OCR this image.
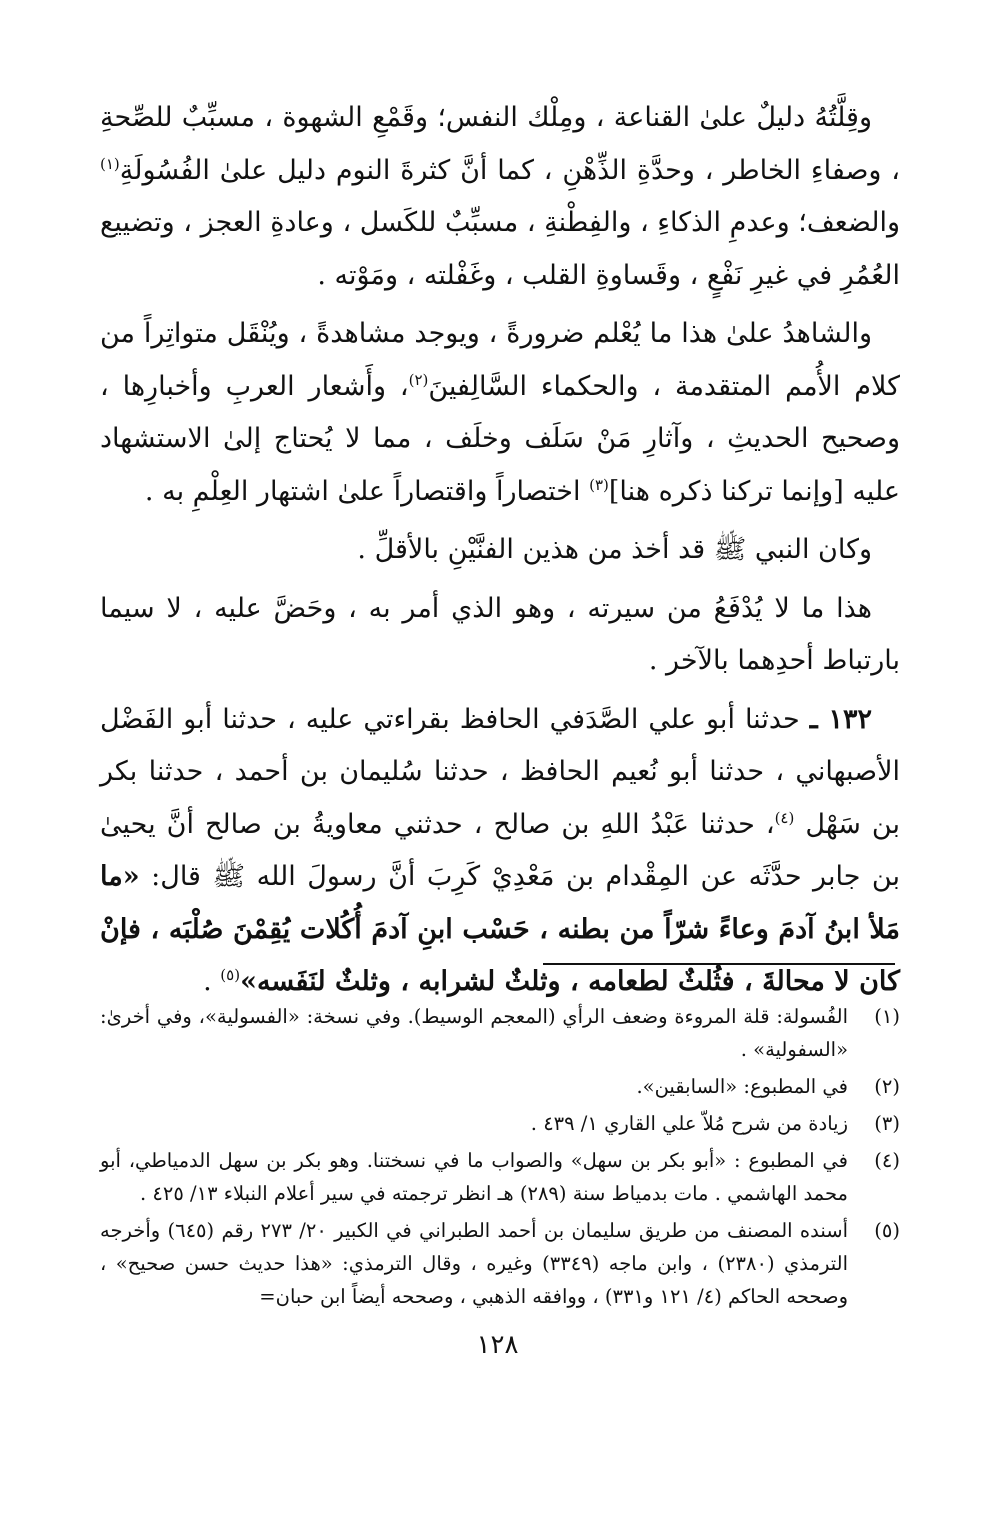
وقِلَّتُهُ دليلٌ علىٰ القناعة ، ومِلْك النفس؛ وقَمْعِ الشهوة ، مسبِّبٌ للصِّحةِ ، وصفاءِ الخاطر ، وحدَّةِ الذِّهْنِ ، كما أنَّ كثرةَ النوم دليل علىٰ الفُسُولَةِ$^{(١)}$ والضعف؛ وعدمِ الذكاءِ ، والفِطْنةِ ، مسبِّبٌ للكَسل ، وعادةِ العجز ، وتضييع العُمُرِ في غيرِ نَفْعٍ ، وقَساوةِ القلب ، وغَفْلته ، ومَوْته .

والشاهدُ علىٰ هذا ما يُعْلم ضرورةً ، ويوجد مشاهدةً ، ويُنْقَل متواتِراً من كلام الأُمم المتقدمة ، والحكماء السَّالِفينَ$^{(٢)}$، وأَشعار العربِ وأخبارِها ، وصحيح الحديثِ ، وآثارِ مَنْ سَلَف وخلَف ، مما لا يُحتاج إلىٰ الاستشهاد عليه [وإنما تركنا ذكره هنا]$^{(٣)}$ اختصاراً واقتصاراً علىٰ اشتهار العِلْمِ به .

وكان النبي ﷺ قد أخذ من هذين الفنَّيْنِ بالأقلِّ .

هذا ما لا يُدْفَعُ من سيرته ، وهو الذي أمر به ، وحَضَّ عليه ، لا سيما بارتباط أحدِهما بالآخر .

١٣٢ ـ حدثنا أبو علي الصَّدَفي الحافظ بقراءتي عليه ، حدثنا أبو الفَضْل الأصبهاني ، حدثنا أبو نُعيم الحافظ ، حدثنا سُليمان بن أحمد ، حدثنا بكر بن سَهْل $^{(٤)}$، حدثنا عَبْدُ اللهِ بن صالح ، حدثني معاويةُ بن صالح أنَّ يحيىٰ بن جابر حدَّثَه عن المِقْدام بن مَعْدِيْ كَرِبَ أنَّ رسولَ الله ﷺ قال: «ما مَلأ ابنُ آدمَ وعاءً شرّاً من بطنه ، حَسْب ابنِ آدمَ أُكُلات يُقِمْنَ صُلْبَه ، فإنْ كان لا محالةَ ، فثُلثٌ لطعامه ، وثلثٌ لشرابه ، وثلثٌ لنَفَسه»$^{(٥)}$ .

(١)
الفُسولة: قلة المروءة وضعف الرأي (المعجم الوسيط). وفي نسخة: «الفسولية»، وفي أخرىٰ: «السفولية» .
(٢)
في المطبوع: «السابقين».
(٣)
زيادة من شرح مُلاّ علي القاري ١/ ٤٣٩ .
(٤)
في المطبوع : «أبو بكر بن سهل» والصواب ما في نسختنا. وهو بكر بن سهل الدمياطي، أبو محمد الهاشمي . مات بدمياط سنة (٢٨٩) هـ انظر ترجمته في سير أعلام النبلاء ١٣/ ٤٢٥ .
(٥)
أسنده المصنف من طريق سليمان بن أحمد الطبراني في الكبير ٢٠/ ٢٧٣ رقم (٦٤٥) وأخرجه الترمذي (٢٣٨٠) ، وابن ماجه (٣٣٤٩) وغيره ، وقال الترمذي: «هذا حديث حسن صحيح» ، وصححه الحاكم (٤/ ١٢١ و٣٣١) ، ووافقه الذهبي ، وصححه أيضاً ابن حبان=
١٢٨
